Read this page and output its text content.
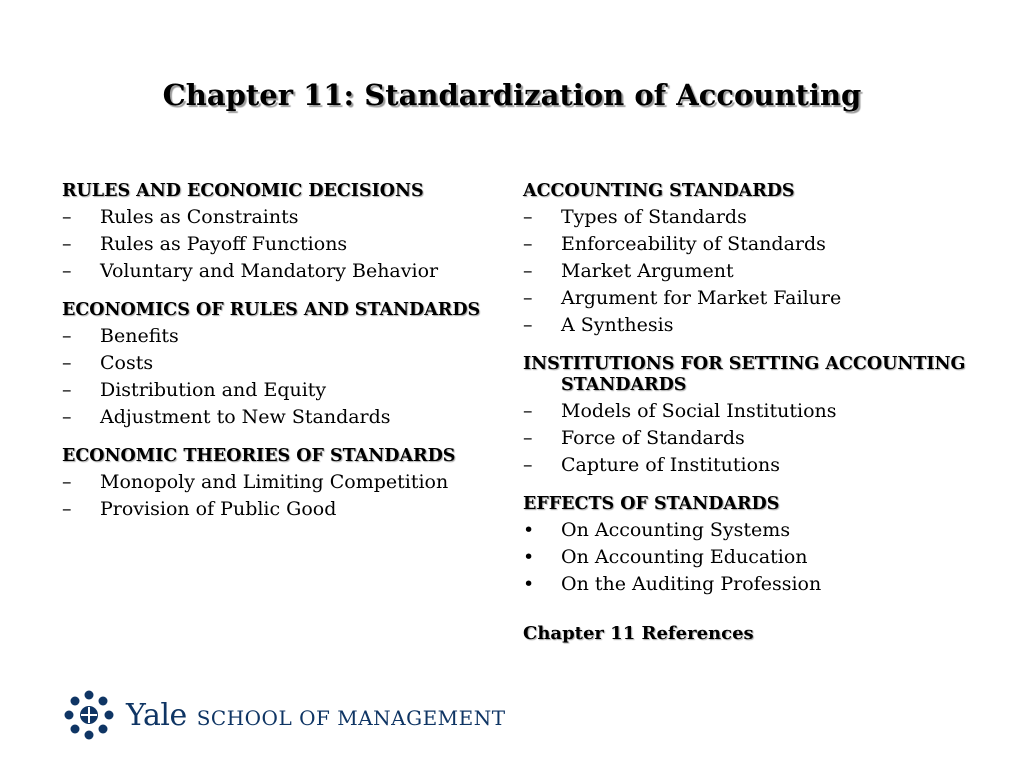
Chapter 11: Standardization of Accounting
RULES AND ECONOMIC DECISIONS
–	Rules as Constraints
–	Rules as Payoff Functions
–	Voluntary and Mandatory Behavior
ECONOMICS OF RULES AND STANDARDS
–	Benefits
–	Costs
–	Distribution and Equity
–	Adjustment to New Standards
ECONOMIC THEORIES OF STANDARDS
–	Monopoly and Limiting Competition
–	Provision of Public Good
ACCOUNTING STANDARDS
–	Types of Standards
–	Enforceability of Standards
–	Market Argument
–	Argument for Market Failure
–	A Synthesis
INSTITUTIONS FOR SETTING ACCOUNTING STANDARDS
–	Models of Social Institutions
–	Force of Standards
–	Capture of Institutions
EFFECTS OF STANDARDS
•	On Accounting Systems
•	On Accounting Education
•	On the Auditing Profession
Chapter 11 References
Yale SCHOOL OF MANAGEMENT
